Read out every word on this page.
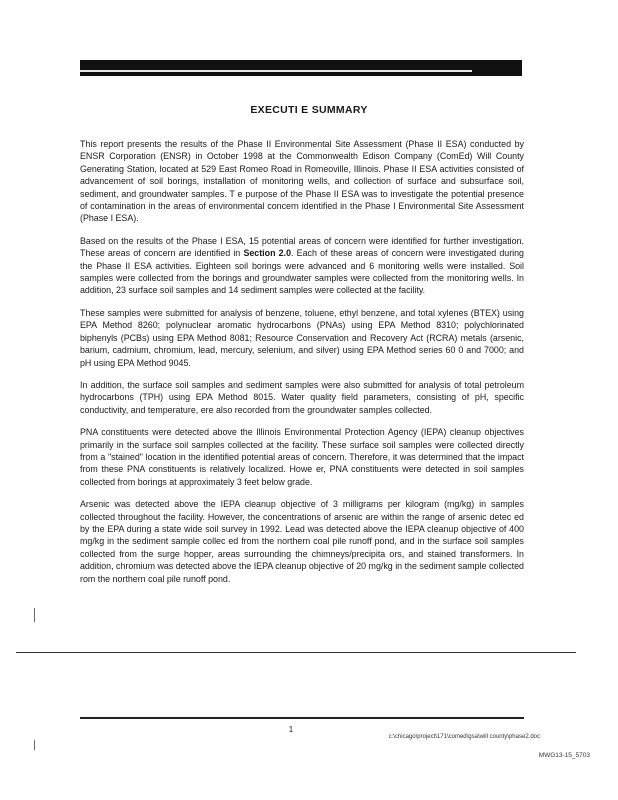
EXECUTI E SUMMARY

This report presents the results of the Phase II Environmental Site Assessment (Phase II ESA) conducted by ENSR Corporation (ENSR) in October 1998 at the Commonwealth Edison Company (ComEd) Will County Generating Station, located at 529 East Romeo Road in Romeoville, Illinois. Phase II ESA activities consisted of advancement of soil borings, installation of monitoring wells, and collection of surface and subsurface soil, sediment, and groundwater samples. T e purpose of the Phase II ESA was to investigate the potential presence of contamination in the areas of environmental concern identified in the Phase I Environmental Site Assessment (Phase I ESA).

Based on the results of the Phase I ESA, 15 potential areas of concern were identified for further investigation. These areas of concern are identified in Section 2.0. Each of these areas of concern were investigated during the Phase II ESA activities. Eighteen soil borings were advanced and 6 monitoring wells were installed. Soil samples were collected from the borings and groundwater samples were collected from the monitoring wells. In addition, 23 surface soil samples and 14 sediment samples were collected at the facility.

These samples were submitted for analysis of benzene, toluene, ethyl benzene, and total xylenes (BTEX) using EPA Method 8260; polynuclear aromatic hydrocarbons (PNAs) using EPA Method 8310; polychlorinated biphenyls (PCBs) using EPA Method 8081; Resource Conservation and Recovery Act (RCRA) metals (arsenic, barium, cadmium, chromium, lead, mercury, selenium, and silver) using EPA Method series 60 0 and 7000; and pH using EPA Method 9045.

In addition, the surface soil samples and sediment samples were also submitted for analysis of total petroleum hydrocarbons (TPH) using EPA Method 8015. Water quality field parameters, consisting of pH, specific conductivity, and temperature, ere also recorded from the groundwater samples collected.

PNA constituents were detected above the Illinois Environmental Protection Agency (IEPA) cleanup objectives primarily in the surface soil samples collected at the facility. These surface soil samples were collected directly from a "stained" location in the identified potential areas of concern. Therefore, it was determined that the impact from these PNA constituents is relatively localized. Howe er, PNA constituents were detected in soil samples collected from borings at approximately 3 feet below grade.

Arsenic was detected above the IEPA cleanup objective of 3 milligrams per kilogram (mg/kg) in samples collected throughout the facility. However, the concentrations of arsenic are within the range of arsenic detec ed by the EPA during a state wide soil survey in 1992. Lead was detected above the IEPA cleanup objective of 400 mg/kg in the sediment sample collec ed from the northern coal pile runoff pond, and in the surface soil samples collected from the surge hopper, areas surrounding the chimneys/precipita ors, and stained transformers. In addition, chromium was detected above the IEPA cleanup objective of 20 mg/kg in the sediment sample collected rom the northern coal pile runoff pond.

1
c:\chicago\project\171\comed\gsa\will county\phase2.doc
MWG13-15_5703
